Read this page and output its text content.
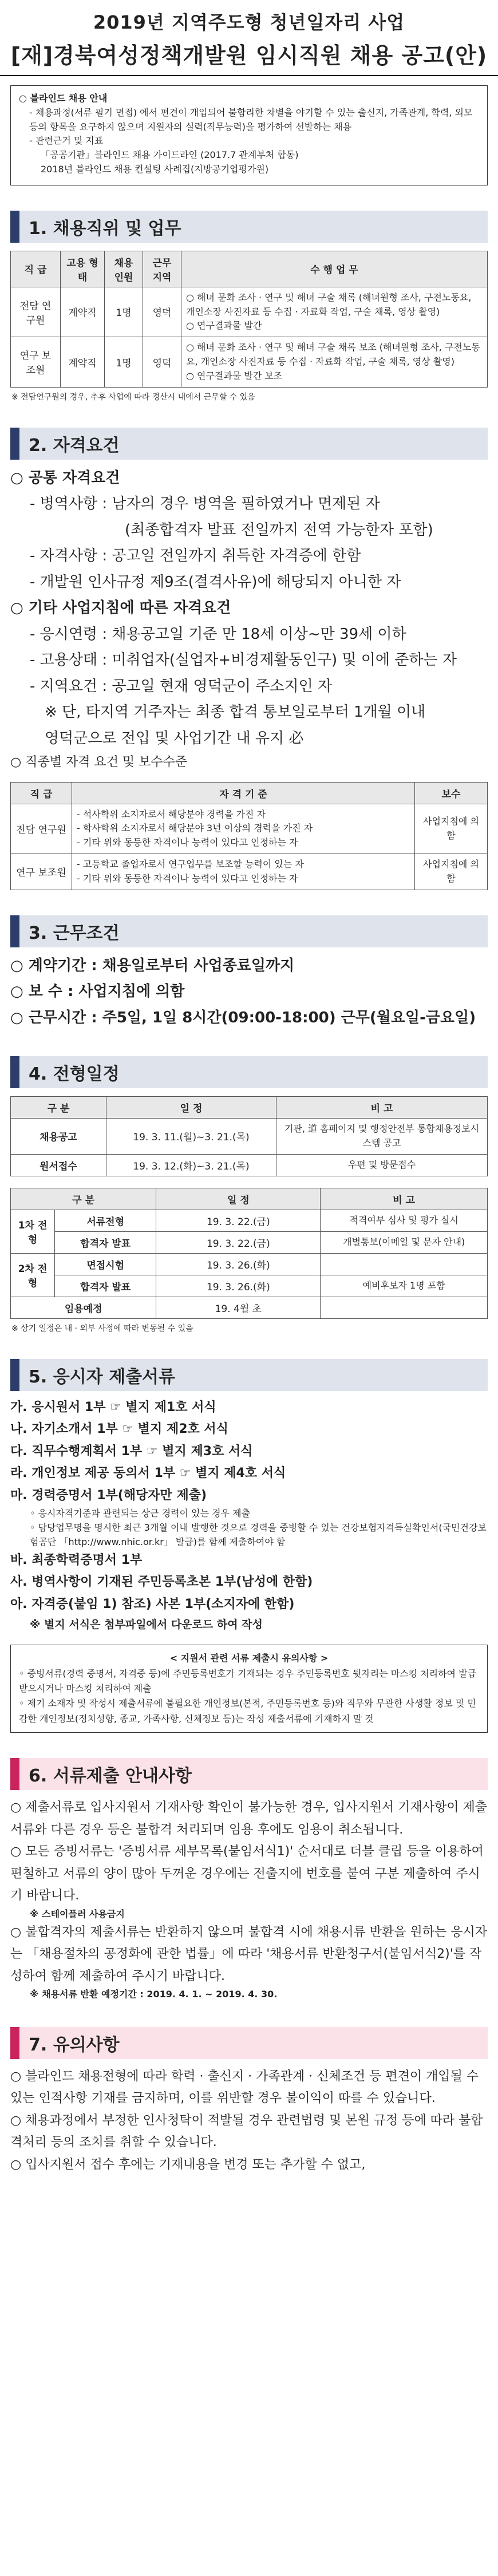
2019년 지역주도형 청년일자리 사업
[재]경북여성정책개발원 임시직원 채용 공고(안)
○ 블라인드 채용 안내
- 채용과정(서류 필기 면접) 에서 편견이 개입되어 불합리한 차별을 야기할 수 있는 출신지, 가족관계, 학력, 외모 등의 항목을 요구하지 않으며 지원자의 실력(직무능력)을 평가하여 선발하는 채용
- 관련근거 및 지표
「공공기관」블라인드 채용 가이드라인 (2017.7 관계부처 합동)
2018년 블라인드 채용 컨설팅 사례집(지방공기업평가원)
1. 채용직위 및 업무
직 급	고용 형태	채용 인원	근무 지역	수 행 업 무
전담 연구원	계약직	1명	영덕	○ 해녀 문화 조사 · 연구 및 해녀 구술 채록 (해녀원형 조사, 구전노동요, 개인소장 사진자료 등 수집 · 자료화 작업, 구술 채록, 영상 촬영)
○ 연구결과물 발간

연구 보조원	계약직	1명	영덕	○ 해녀 문화 조사 · 연구 및 해녀 구술 채록 보조 (해녀원형 조사, 구전노동요, 개인소장 사진자료 등 수집 · 자료화 작업, 구술 채록, 영상 촬영)
○ 연구결과물 발간 보조
※ 전담연구원의 경우, 추후 사업에 따라 경산시 내에서 근무할 수 있음
2. 자격요건
○ 공통 자격요건
- 병역사항 : 남자의 경우 병역을 필하였거나 면제된 자
(최종합격자 발표 전일까지 전역 가능한자 포함)
- 자격사항 : 공고일 전일까지 취득한 자격증에 한함
- 개발원 인사규정 제9조(결격사유)에 해당되지 아니한 자
○ 기타 사업지침에 따른 자격요건
- 응시연령 : 채용공고일 기준 만 18세 이상~만 39세 이하
- 고용상태 : 미취업자(실업자+비경제활동인구) 및 이에 준하는 자
- 지역요건 : 공고일 현재 영덕군이 주소지인 자
※ 단, 타지역 거주자는 최종 합격 통보일로부터 1개월 이내
영덕군으로 전입 및 사업기간 내 유지 必
○ 직종별 자격 요건 및 보수수준
직 급	자 격 기 준	보수
전담 연구원	- 석사학위 소지자로서 해당분야 경력을 가진 자
- 학사학위 소지자로서 해당분야 3년 이상의 경력을 가진 자
- 기타 위와 동등한 자격이나 능력이 있다고 인정하는 자	사업지침에 의함
연구 보조원	- 고등학교 졸업자로서 연구업무를 보조할 능력이 있는 자
- 기타 위와 동등한 자격이나 능력이 있다고 인정하는 자	사업지침에 의함
3. 근무조건
○ 계약기간 : 채용일로부터 사업종료일까지
○ 보 수 : 사업지침에 의함
○ 근무시간 : 주5일, 1일 8시간(09:00-18:00) 근무(월요일-금요일)
4. 전형일정
구 분	일 정	비 고
채용공고	19. 3. 11.(월)~3. 21.(목)	기관, 道 홈페이지 및 행정안전부 통합채용정보시스템 공고
원서접수	19. 3. 12.(화)~3. 21.(목)	우편 및 방문접수
구 분		일 정	비 고
1차 전형	서류전형	19. 3. 22.(금)	적격여부 심사 및 평가 실시
	합격자 발표	19. 3. 22.(금)	개별통보(이메일 및 문자 안내)
2차 전형	면접시험	19. 3. 26.(화)	
	합격자 발표	19. 3. 26.(화)	예비후보자 1명 포함
임용예정		19. 4월 초	
※ 상기 일정은 내 · 외부 사정에 따라 변동될 수 있음
5. 응시자 제출서류
가. 응시원서 1부 ☞ 별지 제1호 서식
나. 자기소개서 1부 ☞ 별지 제2호 서식
다. 직무수행계획서 1부 ☞ 별지 제3호 서식
라. 개인정보 제공 동의서 1부 ☞ 별지 제4호 서식
마. 경력증명서 1부(해당자만 제출)
◦ 응시자격기준과 관련되는 상근 경력이 있는 경우 제출
◦ 담당업무명을 명시한 최근 3개월 이내 발행한 것으로 경력을 증빙할 수 있는 건강보험자격득실확인서(국민건강보험공단 「http://www.nhic.or.kr」 발급)를 함께 제출하여야 함
바. 최종학력증명서 1부
사. 병역사항이 기재된 주민등록초본 1부(남성에 한함)
아. 자격증(붙임 1) 참조) 사본 1부(소지자에 한함)
※ 별지 서식은 첨부파일에서 다운로드 하여 작성
< 지원서 관련 서류 제출시 유의사항 >
◦ 증빙서류(경력 증명서, 자격증 등)에 주민등록번호가 기재되는 경우 주민등록번호 뒷자리는 마스킹 처리하여 발급받으시거나 마스킹 처리하여 제출
◦ 제기 소재자 및 작성시 제출서류에 불필요한 개인정보(본적, 주민등록번호 등)와 직무와 무관한 사생활 정보 및 민감한 개인정보(정치성향, 종교, 가족사항, 신체정보 등)는 작성 제출서류에 기재하지 말 것
6. 서류제출 안내사항
○ 제출서류로 입사지원서 기재사항 확인이 불가능한 경우, 입사지원서 기재사항이 제출서류와 다른 경우 등은 불합격 처리되며 임용 후에도 임용이 취소됩니다.
○ 모든 증빙서류는 '증빙서류 세부목록(붙임서식1)' 순서대로 더블 클립 등을 이용하여 편철하고 서류의 양이 많아 두꺼운 경우에는 전출지에 번호를 붙여 구분 제출하여 주시기 바랍니다.
※ 스테이플러 사용금지
○ 불합격자의 제출서류는 반환하지 않으며 불합격 시에 채용서류 반환을 원하는 응시자는 「채용절차의 공정화에 관한 법률」에 따라 '채용서류 반환청구서(붙임서식2)'를 작성하여 함께 제출하여 주시기 바랍니다.
※ 채용서류 반환 예정기간 : 2019. 4. 1. ~ 2019. 4. 30.
7. 유의사항
○ 블라인드 채용전형에 따라 학력 · 출신지 · 가족관계 · 신체조건 등 편견이 개입될 수 있는 인적사항 기재를 금지하며, 이를 위반할 경우 불이익이 따를 수 있습니다.
○ 채용과정에서 부정한 인사청탁이 적발될 경우 관련법령 및 본원 규정 등에 따라 불합격처리 등의 조치를 취할 수 있습니다.
○ 입사지원서 접수 후에는 기재내용을 변경 또는 추가할 수 없고,
